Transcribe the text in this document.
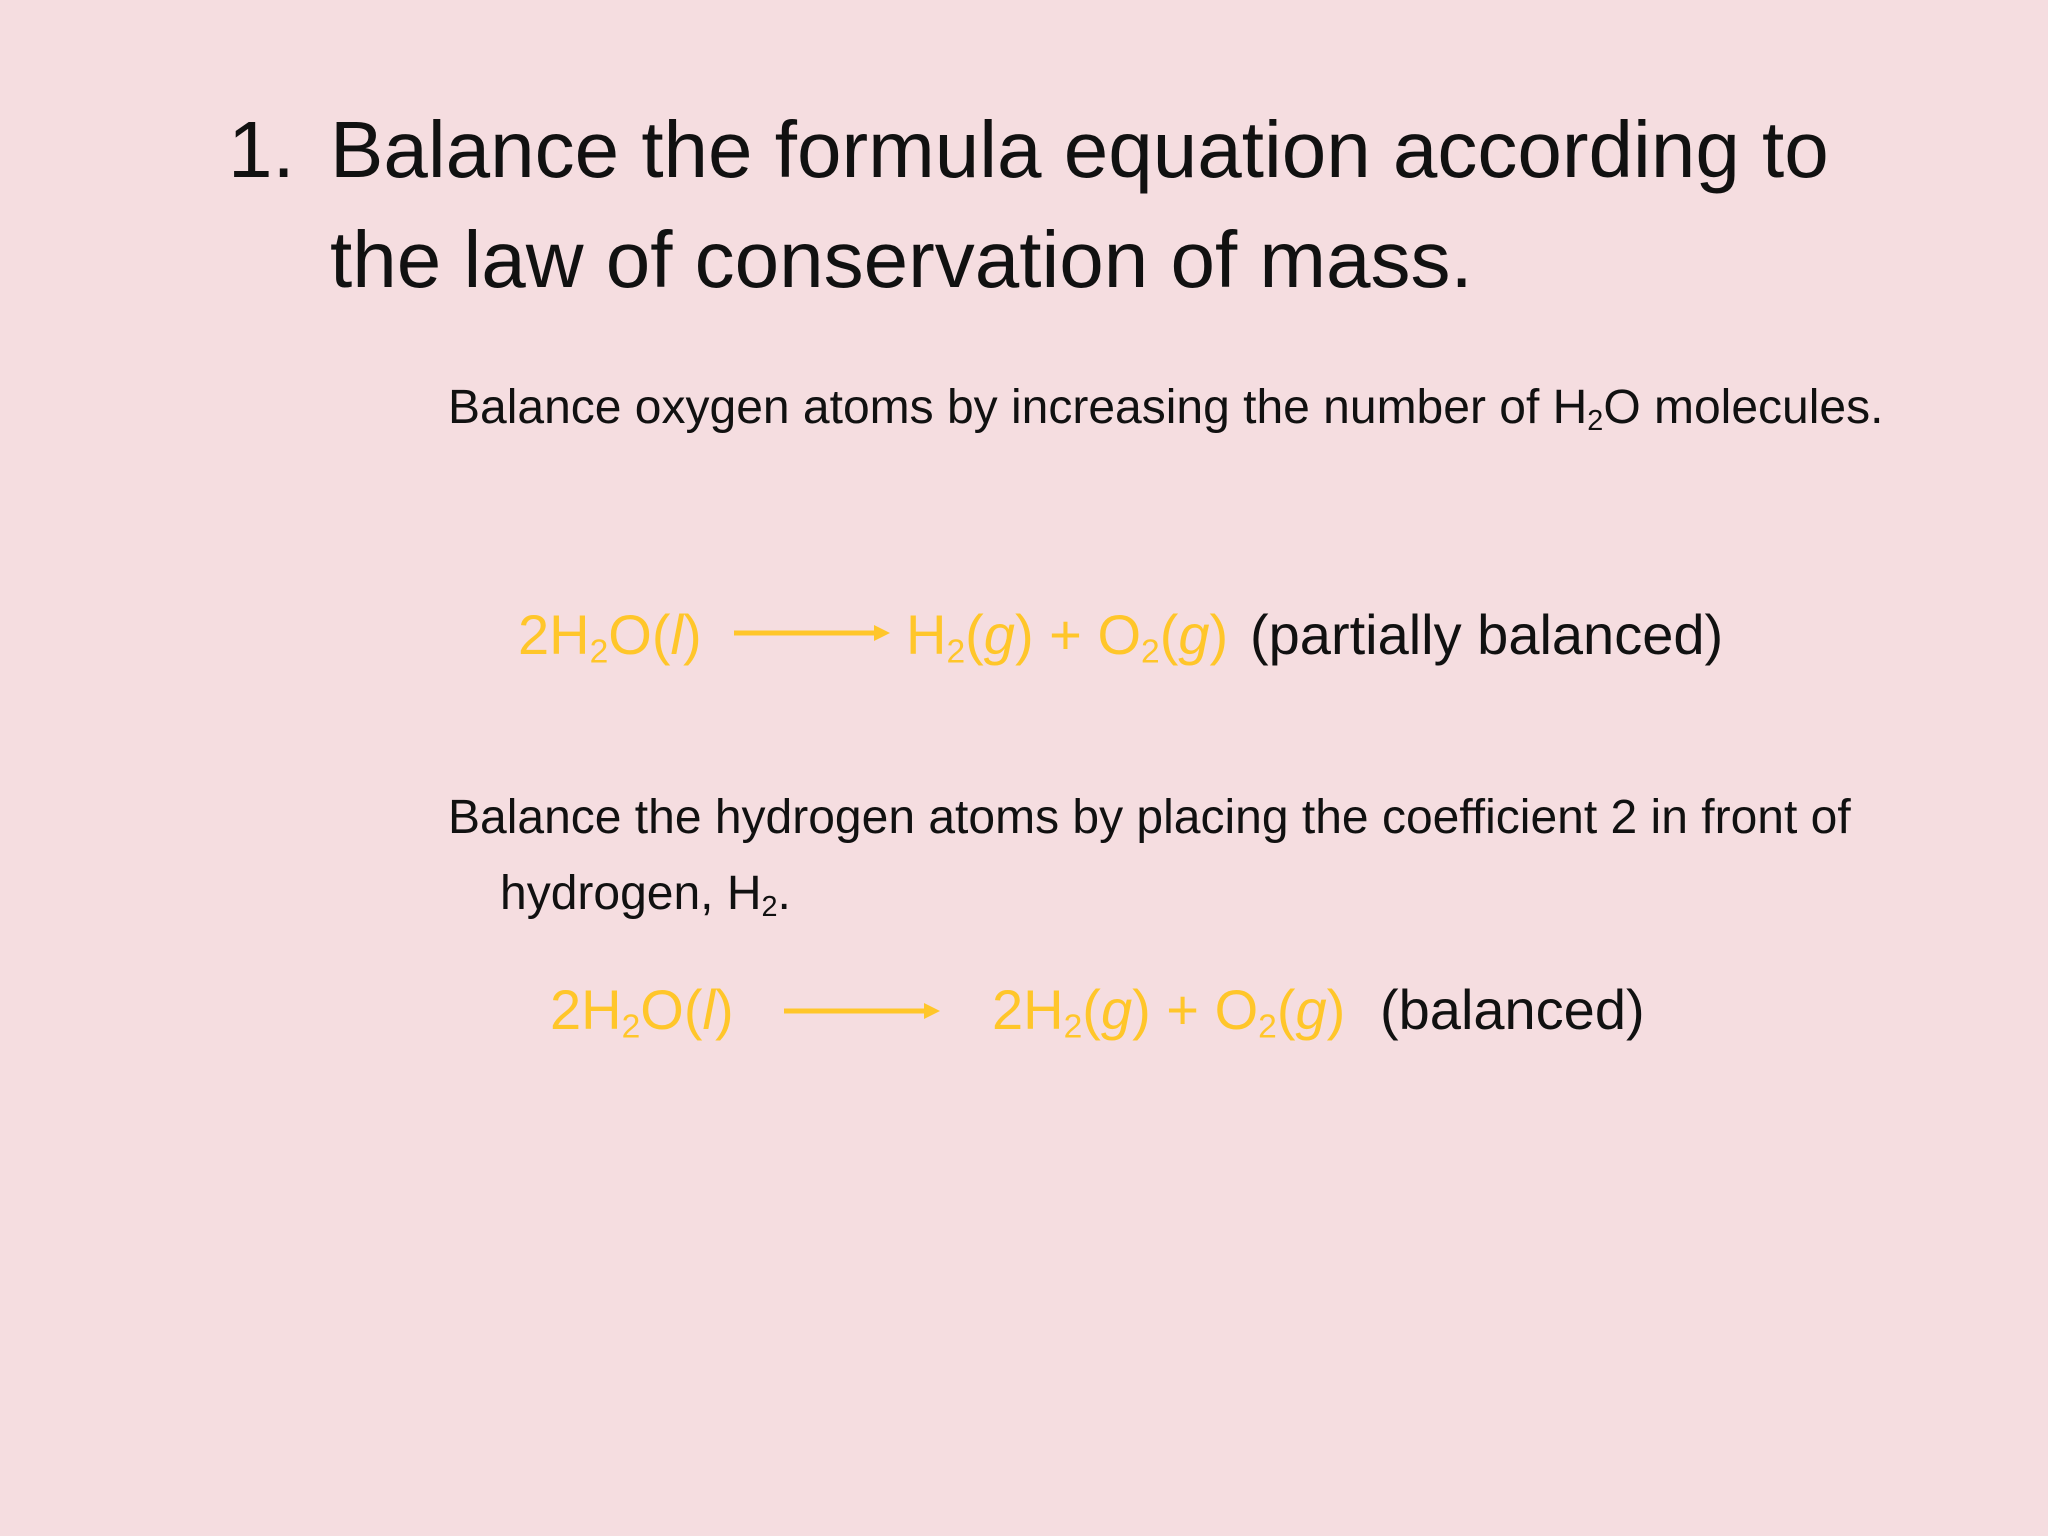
1. Balance the formula equation according to the law of conservation of mass.
Balance oxygen atoms by increasing the number of $H_2O$ molecules.
$2H_2O(l) \to H_2(g) + O_2(g)$ (partially balanced)
Balance the hydrogen atoms by placing the coefficient 2 in front of hydrogen, $H_2$.
$2H_2O(l) \to 2H_2(g) + O_2(g)$ (balanced)
